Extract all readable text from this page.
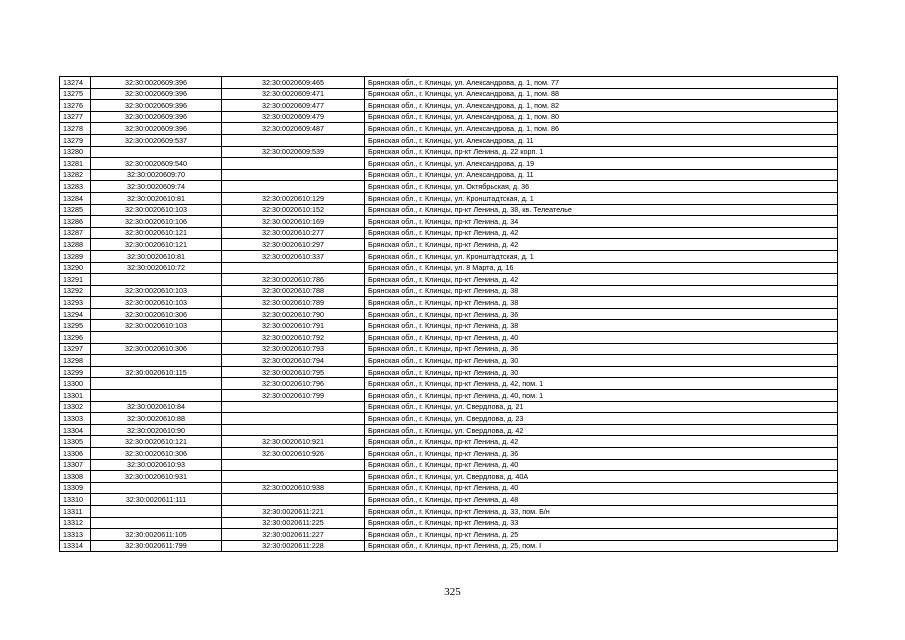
13274	32:30:0020609:396	32:30:0020609:465	Брянская обл., г. Клинцы, ул. Александрова, д. 1, пом. 77
13275	32:30:0020609:396	32:30:0020609:471	Брянская обл., г. Клинцы, ул. Александрова, д. 1, пом. 88
13276	32:30:0020609:396	32:30:0020609:477	Брянская обл., г. Клинцы, ул. Александрова, д. 1, пом. 82
13277	32:30:0020609:396	32:30:0020609:479	Брянская обл., г. Клинцы, ул. Александрова, д. 1, пом. 80
13278	32:30:0020609:396	32:30:0020609:487	Брянская обл., г. Клинцы, ул. Александрова, д. 1, пом. 86
13279	32:30:0020609:537		Брянская обл., г. Клинцы, ул. Александрова, д. 11
13280		32:30:0020609:539	Брянская обл., г. Клинцы, пр-кт Ленина, д. 22 корп. 1
13281	32:30:0020609:540		Брянская обл., г. Клинцы, ул. Александрова, д. 19
13282	32:30:0020609:70		Брянская обл., г. Клинцы, ул. Александрова, д. 11
13283	32:30:0020609:74		Брянская обл., г. Клинцы, ул. Октябрьская, д. 36
13284	32:30:0020610:81	32:30:0020610:129	Брянская обл., г. Клинцы, ул. Кронштадтская, д. 1
13285	32:30:0020610:103	32:30:0020610:152	Брянская обл., г. Клинцы, пр-кт Ленина, д. 38, кв. Телеателье
13286	32:30:0020610:106	32:30:0020610:169	Брянская обл., г. Клинцы, пр-кт Ленина, д. 34
13287	32:30:0020610:121	32:30:0020610:277	Брянская обл., г. Клинцы, пр-кт Ленина, д. 42
13288	32:30:0020610:121	32:30:0020610:297	Брянская обл., г. Клинцы, пр-кт Ленина, д. 42
13289	32:30:0020610:81	32:30:0020610:337	Брянская обл., г. Клинцы, ул. Кронштадтская, д. 1
13290	32:30:0020610:72		Брянская обл., г. Клинцы, ул. 8 Марта, д. 16
13291		32:30:0020610:786	Брянская обл., г. Клинцы, пр-кт Ленина, д. 42
13292	32:30:0020610:103	32:30:0020610:788	Брянская обл., г. Клинцы, пр-кт Ленина, д. 38
13293	32:30:0020610:103	32:30:0020610:789	Брянская обл., г. Клинцы, пр-кт Ленина, д. 38
13294	32:30:0020610:306	32:30:0020610:790	Брянская обл., г. Клинцы, пр-кт Ленина, д. 36
13295	32:30:0020610:103	32:30:0020610:791	Брянская обл., г. Клинцы, пр-кт Ленина, д. 38
13296		32:30:0020610:792	Брянская обл., г. Клинцы, пр-кт Ленина, д. 40
13297	32:30:0020610:306	32:30:0020610:793	Брянская обл., г. Клинцы, пр-кт Ленина, д. 36
13298		32:30:0020610:794	Брянская обл., г. Клинцы, пр-кт Ленина, д. 30
13299	32:30:0020610:115	32:30:0020610:795	Брянская обл., г. Клинцы, пр-кт Ленина, д. 30
13300		32:30:0020610:796	Брянская обл., г. Клинцы, пр-кт Ленина, д. 42, пом. 1
13301		32:30:0020610:799	Брянская обл., г. Клинцы, пр-кт Ленина, д. 40, пом. 1
13302	32:30:0020610:84		Брянская обл., г. Клинцы, ул. Свердлова, д. 21
13303	32:30:0020610:88		Брянская обл., г. Клинцы, ул. Свердлова, д. 23
13304	32:30:0020610:90		Брянская обл., г. Клинцы, ул. Свердлова, д. 42
13305	32:30:0020610:121	32:30:0020610:921	Брянская обл., г. Клинцы, пр-кт Ленина, д. 42
13306	32:30:0020610:306	32:30:0020610:926	Брянская обл., г. Клинцы, пр-кт Ленина, д. 36
13307	32:30:0020610:93		Брянская обл., г. Клинцы, пр-кт Ленина, д. 40
13308	32:30:0020610:931		Брянская обл., г. Клинцы, ул. Свердлова, д. 40А
13309		32:30:0020610:938	Брянская обл., г. Клинцы, пр-кт Ленина, д. 40
13310	32:30:0020611:111		Брянская обл., г. Клинцы, пр-кт Ленина, д. 48
13311		32:30:0020611:221	Брянская обл., г. Клинцы, пр-кт Ленина, д. 33, пом. Б/н
13312		32:30:0020611:225	Брянская обл., г. Клинцы, пр-кт Ленина, д. 33
13313	32:30:0020611:105	32:30:0020611:227	Брянская обл., г. Клинцы, пр-кт Ленина, д. 25
13314	32:30:0020611:799	32:30:0020611:228	Брянская обл., г. Клинцы, пр-кт Ленина, д. 25, пом. I
325
